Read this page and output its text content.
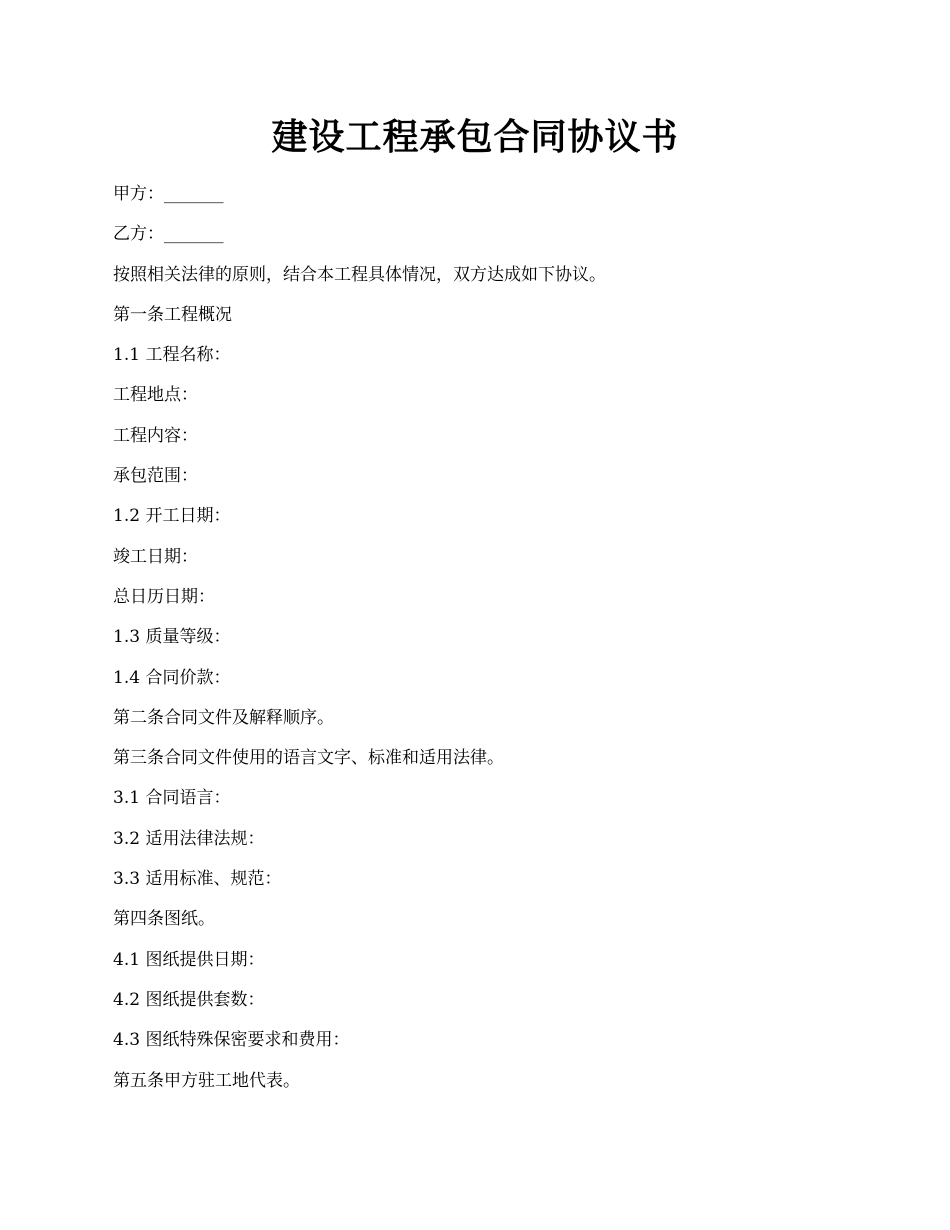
建设工程承包合同协议书
甲方：_______
乙方：_______
按照相关法律的原则，结合本工程具体情况，双方达成如下协议。
第一条工程概况
1.1 工程名称：
工程地点：
工程内容：
承包范围：
1.2 开工日期：
竣工日期：
总日历日期：
1.3 质量等级：
1.4 合同价款：
第二条合同文件及解释顺序。
第三条合同文件使用的语言文字、标准和适用法律。
3.1 合同语言：
3.2 适用法律法规：
3.3 适用标准、规范：
第四条图纸。
4.1 图纸提供日期：
4.2 图纸提供套数：
4.3 图纸特殊保密要求和费用：
第五条甲方驻工地代表。
